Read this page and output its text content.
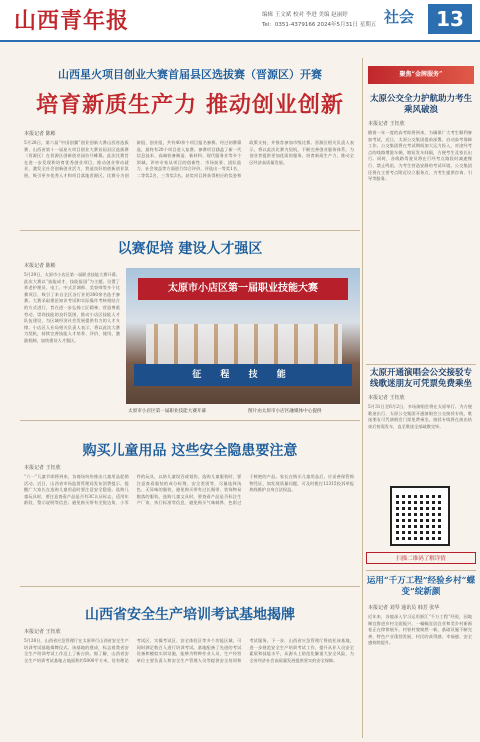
山西青年报	编辑 王文斌 校对 李进 美编 赵丽婷
Tel：0351-4379166 2024年5月31日 星期五 社会	13
山西星火项目创业大赛首届县区选拔赛（晋源区）开赛
培育新质生产力 推动创业创新
本报记者 陈彬
5月28日，第六届“中国创翼”创业创新大赛山西省选拔赛、山西省第十一届星火项目创业大赛首届县区选拔赛（晋源区）在晋源区创新创业园拉开帷幕。此次比赛旨在进一步发现和培育优秀创业项目，推动创业带动就业，激发全社会创新创业活力，营造良好的创新创业氛围，吸引更多优秀人才和项目落地晋源区。比赛分为创新组、创业组，共有40余个项目报名参赛。经过初赛筛选，最终有20个项目进入复赛。参赛项目涵盖了新一代信息技术、高端装备制造、新材料、现代服务业等多个领域。评审专家从项目的创新性、市场前景、团队能力、社会效益等方面进行综合评价，评选出一等奖1名、二等奖2名、三等奖3名。获奖项目将获得相应的奖金和政策支持，并推荐参加市级比赛。晋源区相关负责人表示，将以此次比赛为契机，不断完善创业服务体系，为创业者提供更加优质的服务，培育新质生产力，推动全区经济高质量发展。
以赛促培 建设人才强区
本报记者 陈彬
5月29日，太原市小店区第一届职业技能大赛开幕。此次大赛以“技能成才、技能报国”为主题，设置了养老护理员、电工、中式烹调师、美容师等多个比赛项目，吸引了来自全区各行业的300余名选手参赛。大赛采取理论知识考试和实际操作考核相结合的方式进行，旨在进一步弘扬工匠精神，营造尊重劳动、崇尚技能的良好氛围，推动小店区技能人才队伍建设，为区域经济社会发展提供有力的人才支撑。小店区人社局相关负责人表示，将以此次大赛为契机，持续完善技能人才培养、评价、使用、激励机制，加快建设人才强区。
太原市小店区第一届职业技能大赛
征 程 技 能
太原市小店区第一届职业技能大赛开幕	图片由太原市小店区融媒体中心提供
购买儿童用品 这些安全隐患要注意
本报记者 王钰欣
“六一”儿童节即将到来，各商场纷纷推出儿童用品促销活动。近日，山西省市场监督管理局发布消费提示，提醒广大家长在选购儿童用品时要注意安全隐患。选购儿童玩具时，要注意查看产品是否有3C认证标志，适用年龄段、警示说明等信息；避免购买带有尖锐边角、小零件的玩具，以防儿童误吞或划伤。选购儿童服装时，要注意查看服装的成分标签、安全类别等，尽量选择浅色、无异味的服装，避免购买带有过长绳带、装饰物易脱落的服装。选购儿童文具时，要查看产品是否标注生产厂家、执行标准等信息，避免购买气味刺鼻、色彩过于鲜艳的产品。家长在购买儿童用品后，应妥善保管购物凭证，如发现质量问题，可及时拨打12315投诉举报热线维护自身合法权益。
山西省安全生产培训考试基地揭牌
本报记者 王钰欣
5月28日，山西省应急管理厅在太原举行山西省安全生产培训考试基地揭牌仪式。该基地的建成，标志着我省安全生产培训考试工作迈上了新台阶。据了解，山西省安全生产培训考试基地占地面积约5000平方米，设有理论考试区、实操考试区、安全体验区等多个功能区域，可同时满足数百人进行培训考试。基地配备了先进的考试设备和模拟实训设施，能够为特种作业人员、生产经营单位主要负责人和安全生产管理人员等提供安全培训和考试服务。下一步，山西省应急管理厅将依托该基地，进一步规范安全生产培训考试工作，提升从业人员安全素质和技能水平，从源头上防范化解重大安全风险，为全省经济社会高质量发展提供坚实的安全保障。
聚焦“金牌服务”
太原公交全力护航助力考生乘风破浪
本报记者 王钰欣
随着一年一度的高考即将到来，为确保广大考生顺利参加考试，近日，太原公交集团提前部署，启动高考保障工作。公交集团将在考试期间加大运力投入，对途经考点的线路增派车辆，缩短发车间隔，方便考生及家长出行。同时，各线路驾驶员将在行经考点路段时减速慢行、禁止鸣笛，为考生营造安静的考试环境。公交集团还将在主要考点附近设立服务点，为考生提供咨询、引导等服务。
太原开通演唱会公交接驳专线歌迷朋友可凭票免费乘坐
本报记者 王钰欣
5月31日至6月2日，多场演唱会将在太原举行。为方便歌迷出行，太原公交集团开通演唱会公交接驳专线，歌迷朋友可凭演唱会门票免费乘坐。接驳专线将在演出结束后按需发车，直至歌迷全部疏散完毕。
扫描二维码了解详情
运用“千万工程”经验乡村“蝶变”绽新颜
本报记者 刘琴 通讯员 韩芳 张华
近年来，各地深入学习运用浙江“千万工程”经验，因地制宜推进乡村全面振兴，一幅幅宜居宜业和美乡村新画卷正在徐徐展开。村容村貌焕然一新，基础设施不断完善，特色产业蓬勃发展，村民的获得感、幸福感、安全感持续提升。
